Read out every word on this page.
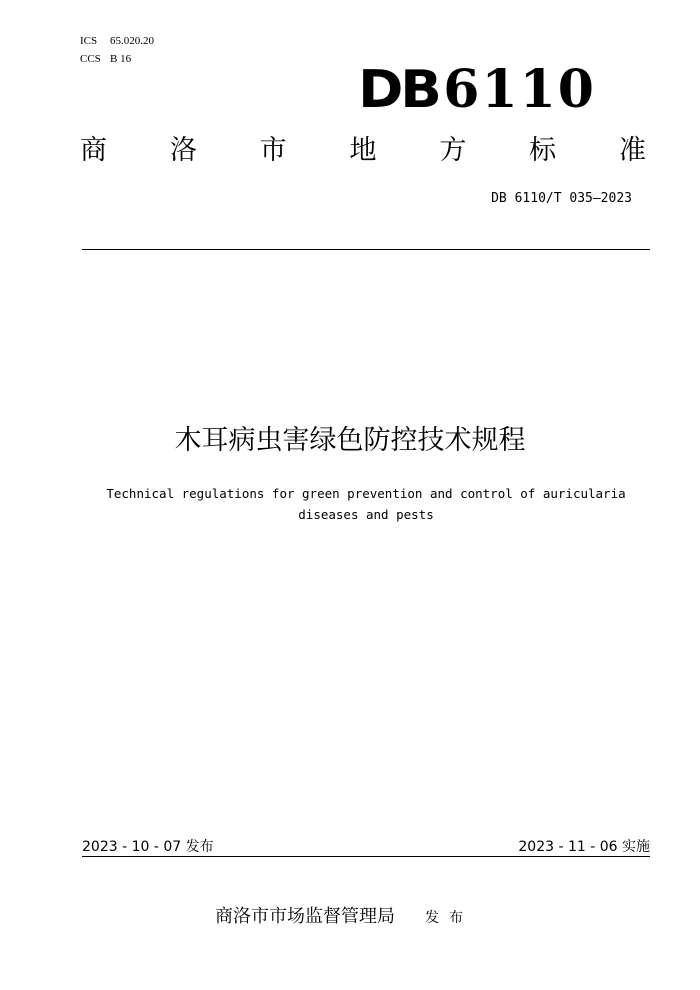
ICS 65.020.20
CCS B 16
DB6110
商 洛 市 地 方 标 准
DB 6110/T 035—2023
木耳病虫害绿色防控技术规程
Technical regulations for green prevention and control of auricularia
diseases and pests
2023 - 10 - 07 发布	2023 - 11 - 06 实施
商洛市市场监督管理局 发布
